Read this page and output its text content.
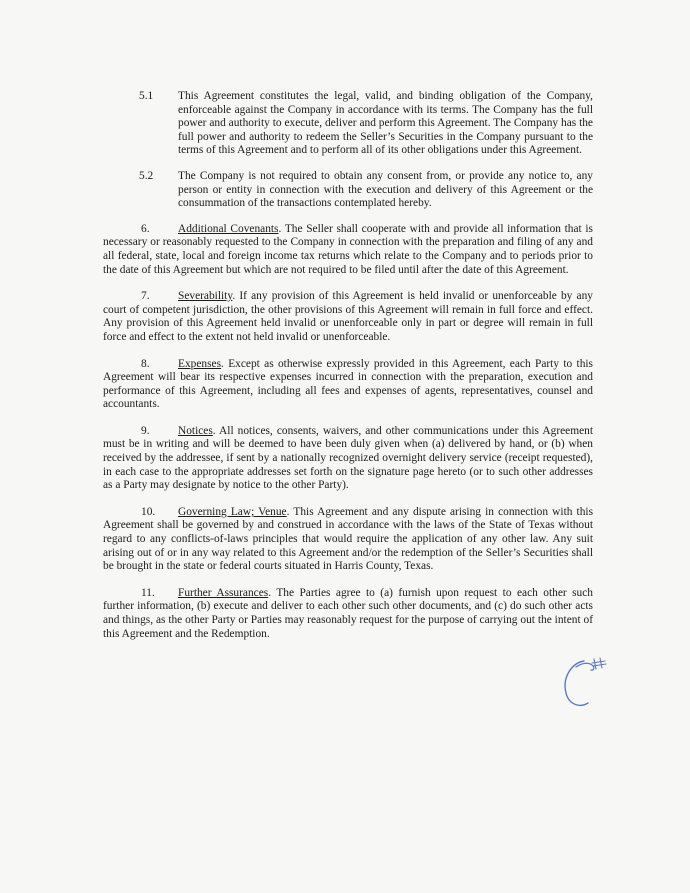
5.1 This Agreement constitutes the legal, valid, and binding obligation of the Company, enforceable against the Company in accordance with its terms. The Company has the full power and authority to execute, deliver and perform this Agreement. The Company has the full power and authority to redeem the Seller’s Securities in the Company pursuant to the terms of this Agreement and to perform all of its other obligations under this Agreement.
5.2 The Company is not required to obtain any consent from, or provide any notice to, any person or entity in connection with the execution and delivery of this Agreement or the consummation of the transactions contemplated hereby.
6. Additional Covenants. The Seller shall cooperate with and provide all information that is necessary or reasonably requested to the Company in connection with the preparation and filing of any and all federal, state, local and foreign income tax returns which relate to the Company and to periods prior to the date of this Agreement but which are not required to be filed until after the date of this Agreement.
7. Severability. If any provision of this Agreement is held invalid or unenforceable by any court of competent jurisdiction, the other provisions of this Agreement will remain in full force and effect. Any provision of this Agreement held invalid or unenforceable only in part or degree will remain in full force and effect to the extent not held invalid or unenforceable.
8. Expenses. Except as otherwise expressly provided in this Agreement, each Party to this Agreement will bear its respective expenses incurred in connection with the preparation, execution and performance of this Agreement, including all fees and expenses of agents, representatives, counsel and accountants.
9. Notices. All notices, consents, waivers, and other communications under this Agreement must be in writing and will be deemed to have been duly given when (a) delivered by hand, or (b) when received by the addressee, if sent by a nationally recognized overnight delivery service (receipt requested), in each case to the appropriate addresses set forth on the signature page hereto (or to such other addresses as a Party may designate by notice to the other Party).
10. Governing Law; Venue. This Agreement and any dispute arising in connection with this Agreement shall be governed by and construed in accordance with the laws of the State of Texas without regard to any conflicts-of-laws principles that would require the application of any other law. Any suit arising out of or in any way related to this Agreement and/or the redemption of the Seller’s Securities shall be brought in the state or federal courts situated in Harris County, Texas.
11. Further Assurances. The Parties agree to (a) furnish upon request to each other such further information, (b) execute and deliver to each other such other documents, and (c) do such other acts and things, as the other Party or Parties may reasonably request for the purpose of carrying out the intent of this Agreement and the Redemption.
